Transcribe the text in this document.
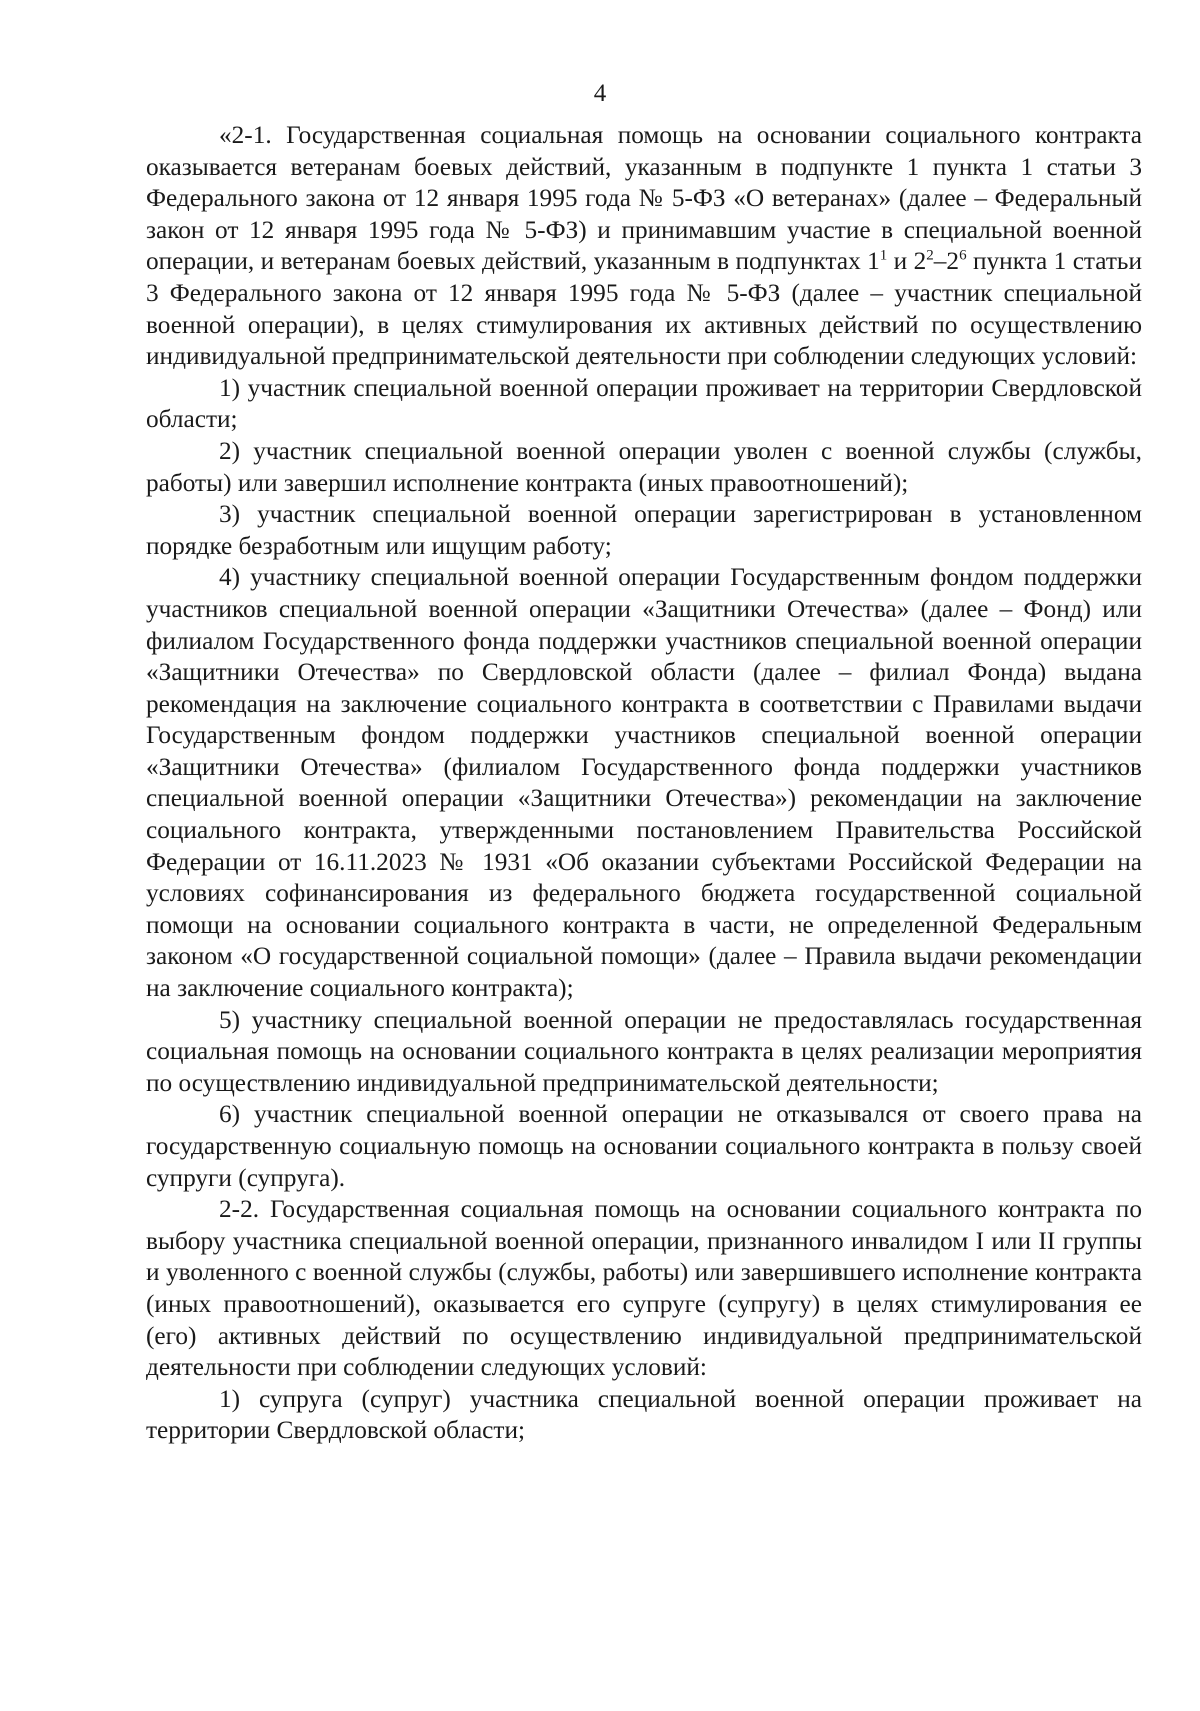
4

«2-1. Государственная социальная помощь на основании социального контракта оказывается ветеранам боевых действий, указанным в подпункте 1 пункта 1 статьи 3 Федерального закона от 12 января 1995 года № 5-ФЗ «О ветеранах» (далее – Федеральный закон от 12 января 1995 года № 5-ФЗ) и принимавшим участие в специальной военной операции, и ветеранам боевых действий, указанным в подпунктах $1^1$ и $2^2-2^6$ пункта 1 статьи 3 Федерального закона от 12 января 1995 года № 5-ФЗ (далее – участник специальной военной операции), в целях стимулирования их активных действий по осуществлению индивидуальной предпринимательской деятельности при соблюдении следующих условий:

1) участник специальной военной операции проживает на территории Свердловской области;

2) участник специальной военной операции уволен с военной службы (службы, работы) или завершил исполнение контракта (иных правоотношений);

3) участник специальной военной операции зарегистрирован в установленном порядке безработным или ищущим работу;

4) участнику специальной военной операции Государственным фондом поддержки участников специальной военной операции «Защитники Отечества» (далее – Фонд) или филиалом Государственного фонда поддержки участников специальной военной операции «Защитники Отечества» по Свердловской области (далее – филиал Фонда) выдана рекомендация на заключение социального контракта в соответствии с Правилами выдачи Государственным фондом поддержки участников специальной военной операции «Защитники Отечества» (филиалом Государственного фонда поддержки участников специальной военной операции «Защитники Отечества») рекомендации на заключение социального контракта, утвержденными постановлением Правительства Российской Федерации от 16.11.2023 № 1931 «Об оказании субъектами Российской Федерации на условиях софинансирования из федерального бюджета государственной социальной помощи на основании социального контракта в части, не определенной Федеральным законом «О государственной социальной помощи» (далее – Правила выдачи рекомендации на заключение социального контракта);

5) участнику специальной военной операции не предоставлялась государственная социальная помощь на основании социального контракта в целях реализации мероприятия по осуществлению индивидуальной предпринимательской деятельности;

6) участник специальной военной операции не отказывался от своего права на государственную социальную помощь на основании социального контракта в пользу своей супруги (супруга).

2-2. Государственная социальная помощь на основании социального контракта по выбору участника специальной военной операции, признанного инвалидом I или II группы и уволенного с военной службы (службы, работы) или завершившего исполнение контракта (иных правоотношений), оказывается его супруге (супругу) в целях стимулирования ее (его) активных действий по осуществлению индивидуальной предпринимательской деятельности при соблюдении следующих условий:

1) супруга (супруг) участника специальной военной операции проживает на территории Свердловской области;
